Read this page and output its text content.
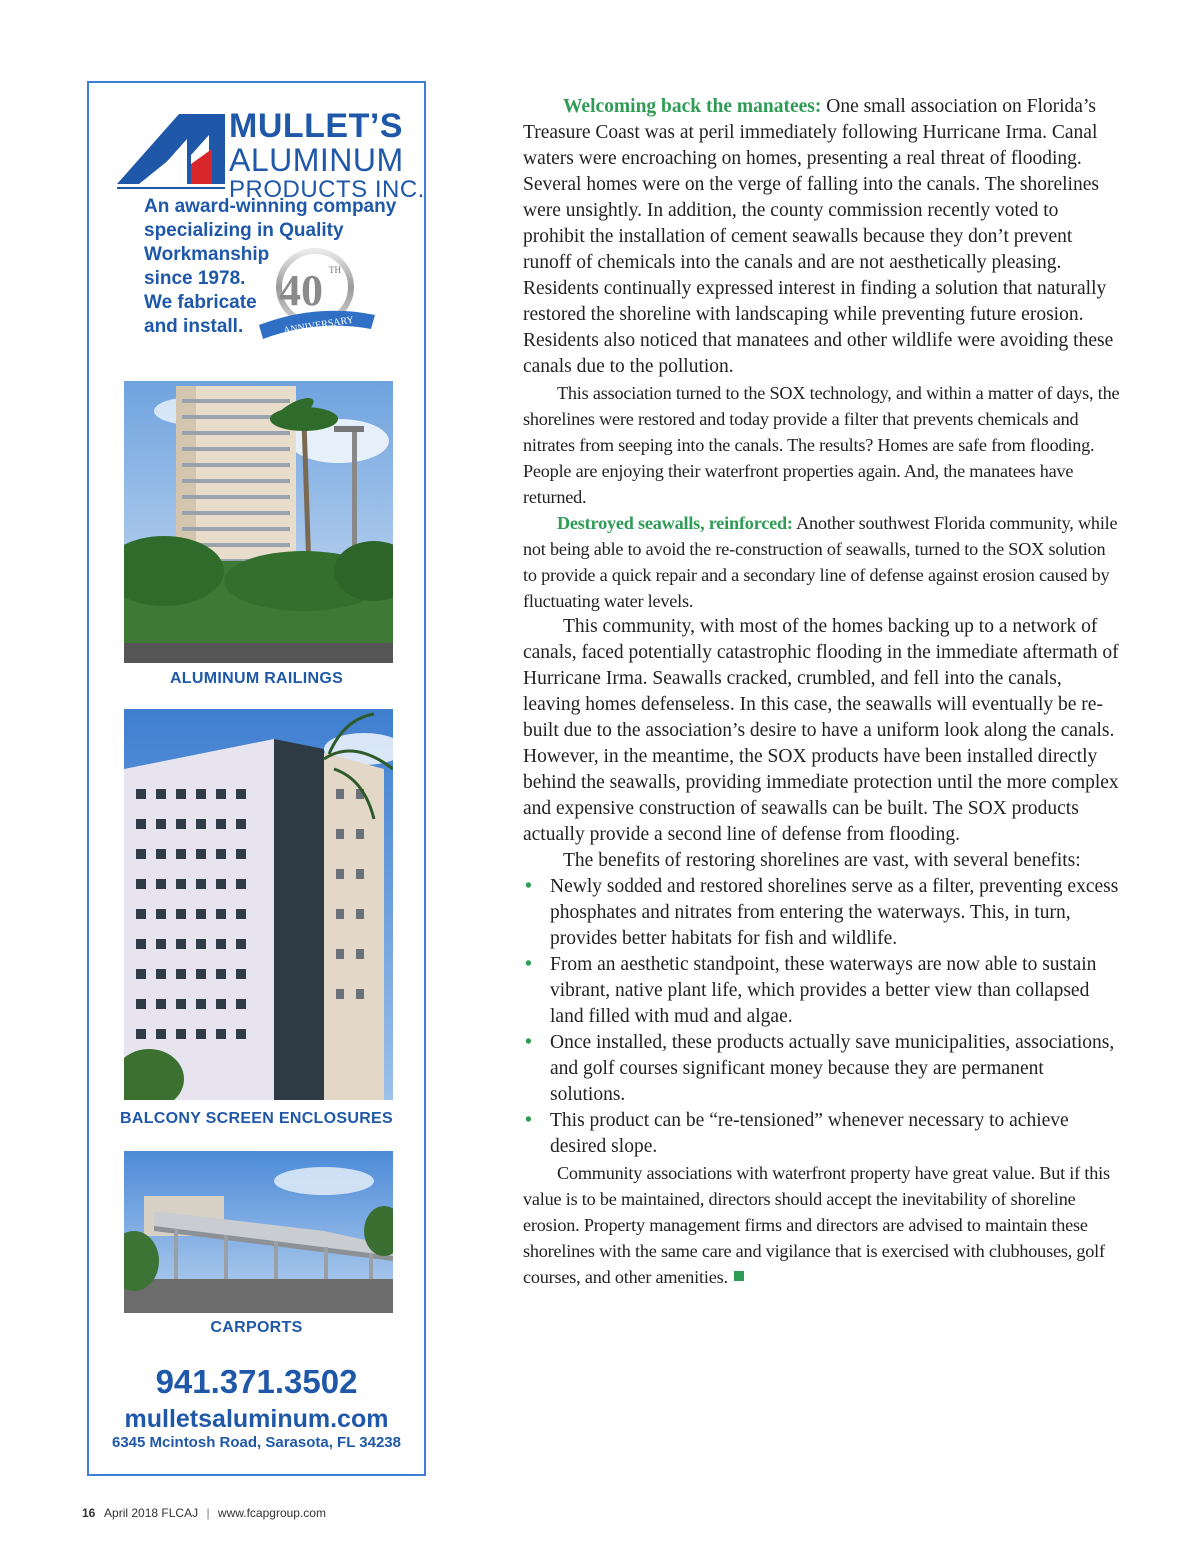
MULLET’S
ALUMINUM
PRODUCTS INC.
An award-winning company
specializing in Quality
Workmanship
since 1978.
We fabricate
and install.
40 TH
ANNIVERSARY
ALUMINUM RAILINGS
BALCONY SCREEN ENCLOSURES
CARPORTS
941.371.3502
mulletsaluminum.com
6345 Mcintosh Road, Sarasota, FL 34238

Welcoming back the manatees: One small association on Florida’s Treasure Coast was at peril immediately following Hurricane Irma. Canal waters were encroaching on homes, presenting a real threat of flooding. Several homes were on the verge of falling into the canals. The shorelines were unsightly. In addition, the county commission recently voted to prohibit the installation of cement seawalls because they don’t prevent runoff of chemicals into the canals and are not aesthetically pleasing. Residents continually expressed interest in finding a solution that naturally restored the shoreline with landscaping while preventing future erosion. Residents also noticed that manatees and other wildlife were avoiding these canals due to the pollution.

This association turned to the SOX technology, and within a matter of days, the shorelines were restored and today provide a filter that prevents chemicals and nitrates from seeping into the canals. The results? Homes are safe from flooding. People are enjoying their waterfront properties again. And, the manatees have returned.

Destroyed seawalls, reinforced: Another southwest Florida community, while not being able to avoid the re-construction of seawalls, turned to the SOX solution to provide a quick repair and a secondary line of defense against erosion caused by fluctuating water levels.

This community, with most of the homes backing up to a network of canals, faced potentially catastrophic flooding in the immediate aftermath of Hurricane Irma. Seawalls cracked, crumbled, and fell into the canals, leaving homes defenseless. In this case, the seawalls will eventually be re-built due to the association’s desire to have a uniform look along the canals. However, in the meantime, the SOX products have been installed directly behind the seawalls, providing immediate protection until the more complex and expensive construction of seawalls can be built. The SOX products actually provide a second line of defense from flooding.

The benefits of restoring shorelines are vast, with several benefits:

• Newly sodded and restored shorelines serve as a filter, preventing excess phosphates and nitrates from entering the waterways. This, in turn, provides better habitats for fish and wildlife.
• From an aesthetic standpoint, these waterways are now able to sustain vibrant, native plant life, which provides a better view than collapsed land filled with mud and algae.
• Once installed, these products actually save municipalities, associations, and golf courses significant money because they are permanent solutions.
• This product can be “re-tensioned” whenever necessary to achieve desired slope.

Community associations with waterfront property have great value. But if this value is to be maintained, directors should accept the inevitability of shoreline erosion. Property management firms and directors are advised to maintain these shorelines with the same care and vigilance that is exercised with clubhouses, golf courses, and other amenities.

16 April 2018 FLCAJ | www.fcapgroup.com
